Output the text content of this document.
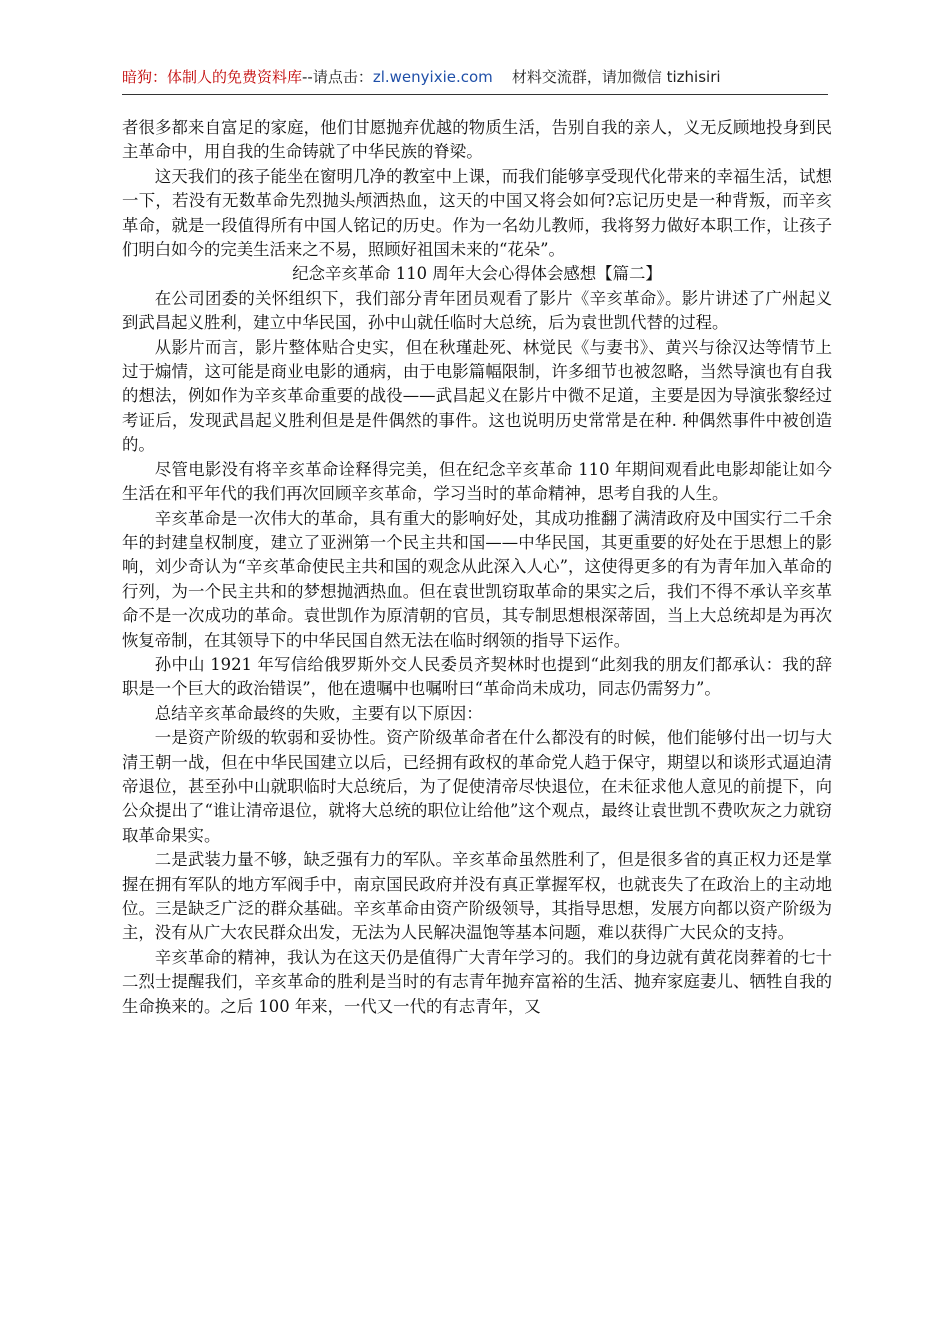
暗狗：体制人的免费资料库--请点击：zl.wenyixie.com 材料交流群，请加微信 tizhisiri

者很多都来自富足的家庭，他们甘愿抛弃优越的物质生活，告别自我的亲人，义无反顾地投身到民主革命中，用自我的生命铸就了中华民族的脊梁。

这天我们的孩子能坐在窗明几净的教室中上课，而我们能够享受现代化带来的幸福生活，试想一下，若没有无数革命先烈抛头颅洒热血，这天的中国又将会如何?忘记历史是一种背叛，而辛亥革命，就是一段值得所有中国人铭记的历史。作为一名幼儿教师，我将努力做好本职工作，让孩子们明白如今的完美生活来之不易，照顾好祖国未来的“花朵”。

纪念辛亥革命 110 周年大会心得体会感想【篇二】

在公司团委的关怀组织下，我们部分青年团员观看了影片《辛亥革命》。影片讲述了广州起义到武昌起义胜利，建立中华民国，孙中山就任临时大总统，后为袁世凯代替的过程。

从影片而言，影片整体贴合史实，但在秋瑾赴死、林觉民《与妻书》、黄兴与徐汉达等情节上过于煽情，这可能是商业电影的通病，由于电影篇幅限制，许多细节也被忽略，当然导演也有自我的想法，例如作为辛亥革命重要的战役——武昌起义在影片中微不足道，主要是因为导演张黎经过考证后，发现武昌起义胜利但是是件偶然的事件。这也说明历史常常是在种. 种偶然事件中被创造的。

尽管电影没有将辛亥革命诠释得完美，但在纪念辛亥革命 110 年期间观看此电影却能让如今生活在和平年代的我们再次回顾辛亥革命，学习当时的革命精神，思考自我的人生。

辛亥革命是一次伟大的革命，具有重大的影响好处，其成功推翻了满清政府及中国实行二千余年的封建皇权制度，建立了亚洲第一个民主共和国——中华民国，其更重要的好处在于思想上的影响，刘少奇认为“辛亥革命使民主共和国的观念从此深入人心”，这使得更多的有为青年加入革命的行列，为一个民主共和的梦想抛洒热血。但在袁世凯窃取革命的果实之后，我们不得不承认辛亥革命不是一次成功的革命。袁世凯作为原清朝的官员，其专制思想根深蒂固，当上大总统却是为再次恢复帝制，在其领导下的中华民国自然无法在临时纲领的指导下运作。

孙中山 1921 年写信给俄罗斯外交人民委员齐契林时也提到“此刻我的朋友们都承认：我的辞职是一个巨大的政治错误”，他在遗嘱中也嘱咐曰“革命尚未成功，同志仍需努力”。

总结辛亥革命最终的失败，主要有以下原因：

一是资产阶级的软弱和妥协性。资产阶级革命者在什么都没有的时候，他们能够付出一切与大清王朝一战，但在中华民国建立以后，已经拥有政权的革命党人趋于保守，期望以和谈形式逼迫清帝退位，甚至孙中山就职临时大总统后，为了促使清帝尽快退位，在未征求他人意见的前提下，向公众提出了“谁让清帝退位，就将大总统的职位让给他”这个观点，最终让袁世凯不费吹灰之力就窃取革命果实。

二是武装力量不够，缺乏强有力的军队。辛亥革命虽然胜利了，但是很多省的真正权力还是掌握在拥有军队的地方军阀手中，南京国民政府并没有真正掌握军权，也就丧失了在政治上的主动地位。三是缺乏广泛的群众基础。辛亥革命由资产阶级领导，其指导思想，发展方向都以资产阶级为主，没有从广大农民群众出发，无法为人民解决温饱等基本问题，难以获得广大民众的支持。

辛亥革命的精神，我认为在这天仍是值得广大青年学习的。我们的身边就有黄花岗葬着的七十二烈士提醒我们，辛亥革命的胜利是当时的有志青年抛弃富裕的生活、抛弃家庭妻儿、牺牲自我的生命换来的。之后 100 年来，一代又一代的有志青年，又
